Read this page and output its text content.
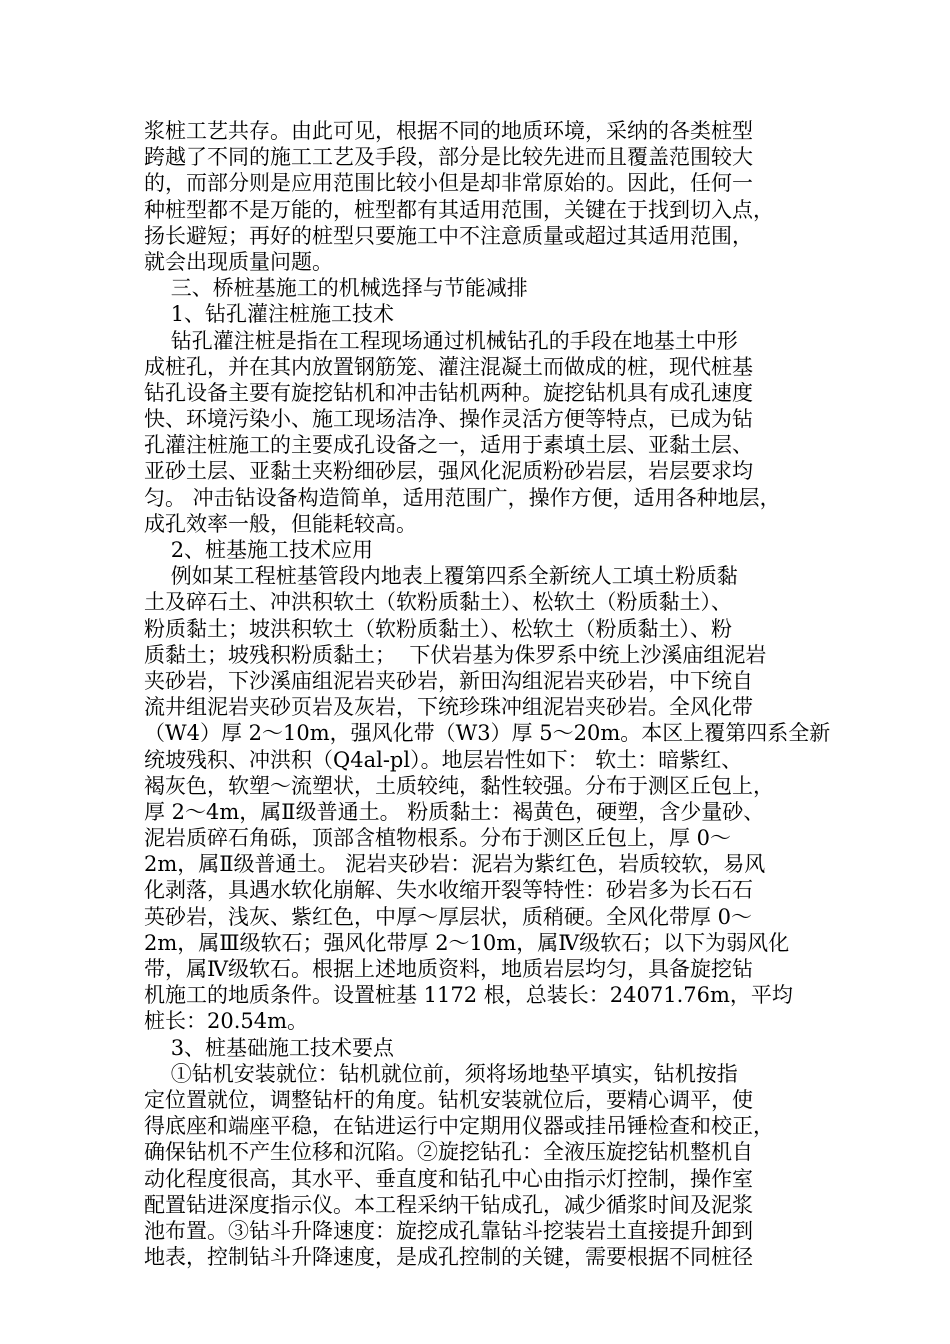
浆桩工艺共存。由此可见，根据不同的地质环境，采纳的各类桩型
跨越了不同的施工工艺及手段，部分是比较先进而且覆盖范围较大
的，而部分则是应用范围比较小但是却非常原始的。因此，任何一
种桩型都不是万能的，桩型都有其适用范围，关键在于找到切入点，
扬长避短；再好的桩型只要施工中不注意质量或超过其适用范围，
就会出现质量问题。
三、桥桩基施工的机械选择与节能减排
1、钻孔灌注桩施工技术
钻孔灌注桩是指在工程现场通过机械钻孔的手段在地基土中形
成桩孔，并在其内放置钢筋笼、灌注混凝土而做成的桩，现代桩基
钻孔设备主要有旋挖钻机和冲击钻机两种。旋挖钻机具有成孔速度
快、环境污染小、施工现场洁净、操作灵活方便等特点，已成为钻
孔灌注桩施工的主要成孔设备之一，适用于素填土层、亚黏土层、
亚砂土层、亚黏土夹粉细砂层，强风化泥质粉砂岩层，岩层要求均
匀。 冲击钻设备构造简单，适用范围广，操作方便，适用各种地层，
成孔效率一般，但能耗较高。
2、桩基施工技术应用
例如某工程桩基管段内地表上覆第四系全新统人工填土粉质黏
土及碎石土、冲洪积软土（软粉质黏土）、松软土（粉质黏土）、
粉质黏土；坡洪积软土（软粉质黏土）、松软土（粉质黏土）、粉
质黏土；坡残积粉质黏土；  下伏岩基为侏罗系中统上沙溪庙组泥岩
夹砂岩，下沙溪庙组泥岩夹砂岩，新田沟组泥岩夹砂岩，中下统自
流井组泥岩夹砂页岩及灰岩，下统珍珠冲组泥岩夹砂岩。全风化带
（W4）厚 2～10m，强风化带（W3）厚 5～20m。本区上覆第四系全新
统坡残积、冲洪积（Q4al-pl）。地层岩性如下： 软土：暗紫红、
褐灰色，软塑～流塑状，土质较纯，黏性较强。分布于测区丘包上，
厚 2～4m，属Ⅱ级普通土。 粉质黏土：褐黄色，硬塑，含少量砂、
泥岩质碎石角砾，顶部含植物根系。分布于测区丘包上，厚 0～
2m，属Ⅱ级普通土。 泥岩夹砂岩：泥岩为紫红色，岩质较软，易风
化剥落，具遇水软化崩解、失水收缩开裂等特性：砂岩多为长石石
英砂岩，浅灰、紫红色，中厚～厚层状，质稍硬。全风化带厚 0～
2m，属Ⅲ级软石；强风化带厚 2～10m，属Ⅳ级软石；以下为弱风化
带，属Ⅳ级软石。根据上述地质资料，地质岩层均匀，具备旋挖钻
机施工的地质条件。设置桩基 1172 根，总装长：24071.76m，平均
桩长：20.54m。
3、桩基础施工技术要点
①钻机安装就位：钻机就位前，须将场地垫平填实，钻机按指
定位置就位，调整钻杆的角度。钻机安装就位后，要精心调平，使
得底座和端座平稳，在钻进运行中定期用仪器或挂吊锤检查和校正，
确保钻机不产生位移和沉陷。②旋挖钻孔：全液压旋挖钻机整机自
动化程度很高，其水平、垂直度和钻孔中心由指示灯控制，操作室
配置钻进深度指示仪。本工程采纳干钻成孔，减少循浆时间及泥浆
池布置。③钻斗升降速度：旋挖成孔靠钻斗挖装岩土直接提升卸到
地表，控制钻斗升降速度，是成孔控制的关键，需要根据不同桩径
